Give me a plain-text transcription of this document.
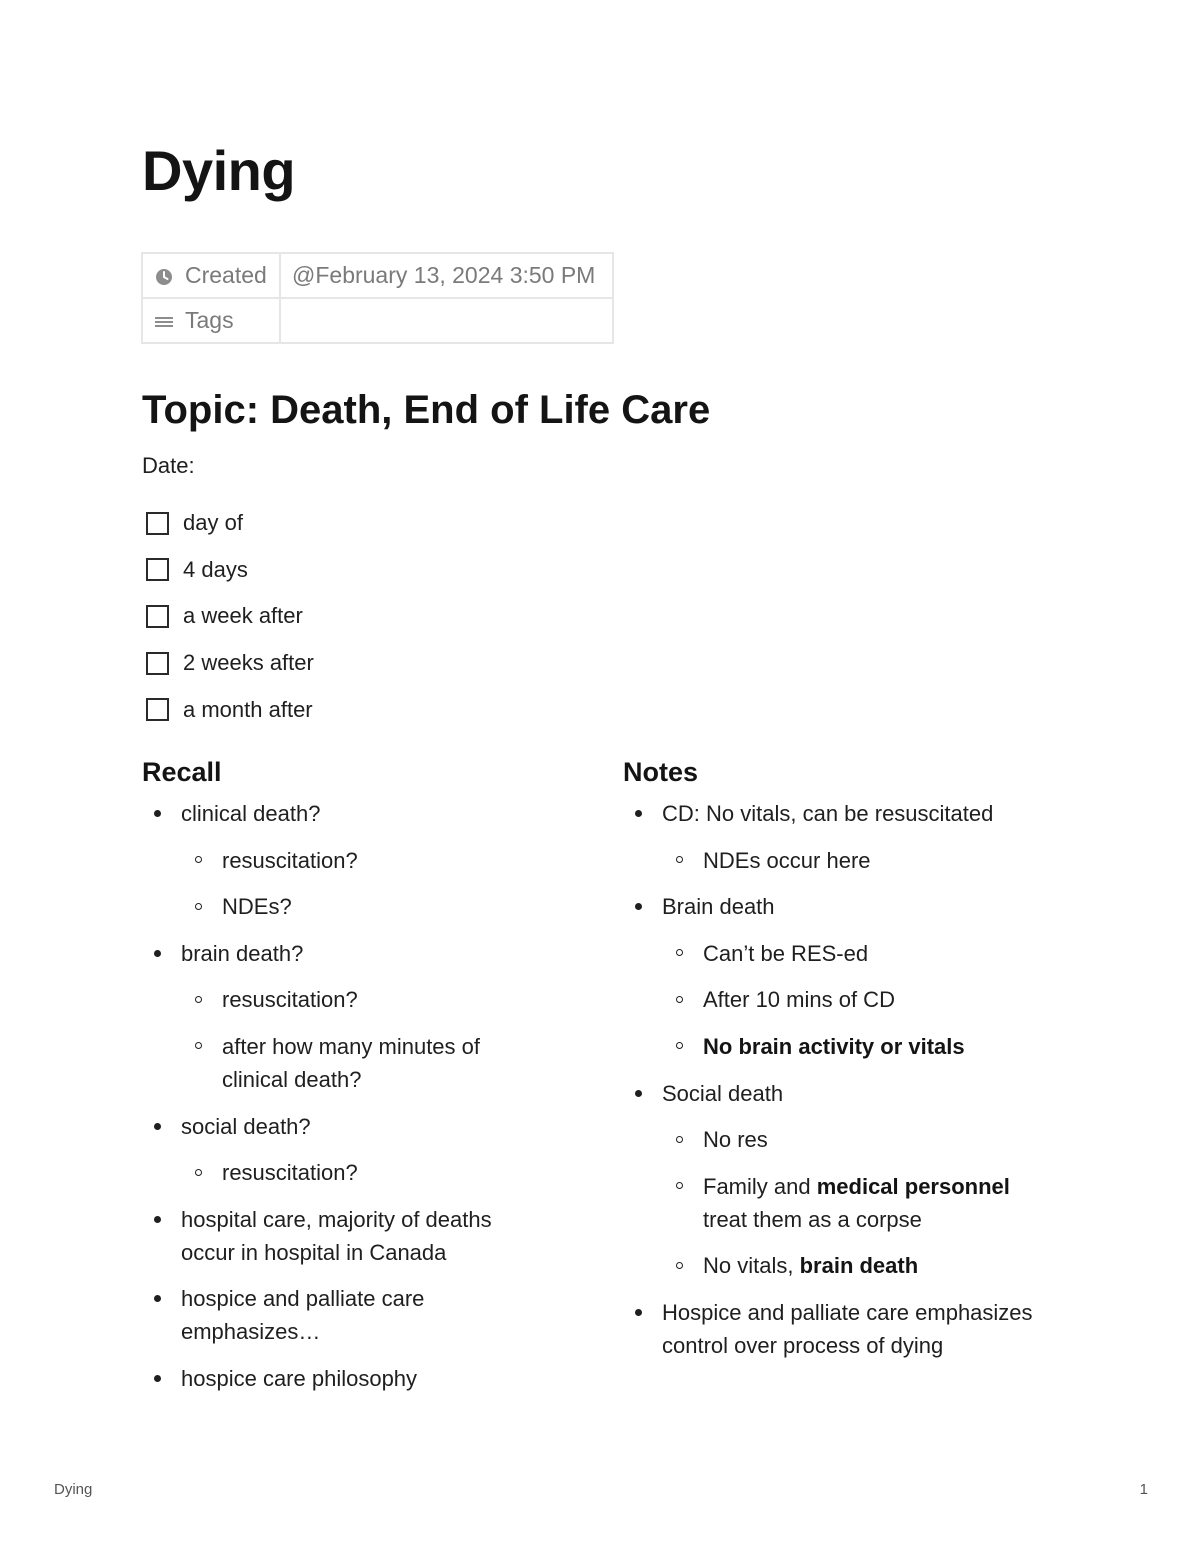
Dying
Created	@February 13, 2024 3:50 PM

Tags	

Topic: Death, End of Life Care
Date:
day of
4 days
a week after
2 weeks after
a month after
Recall
clinical death?
resuscitation?
NDEs?
brain death?
resuscitation?
after how many minutes of clinical death?
social death?
resuscitation?
hospital care, majority of deaths occur in hospital in Canada
hospice and palliate care emphasizes…
hospice care philosophy
Notes
CD: No vitals, can be resuscitated
NDEs occur here
Brain death
Can’t be RES-ed
After 10 mins of CD
No brain activity or vitals
Social death
No res
Family and medical personnel treat them as a corpse
No vitals, brain death
Hospice and palliate care emphasizes control over process of dying
Dying	1
